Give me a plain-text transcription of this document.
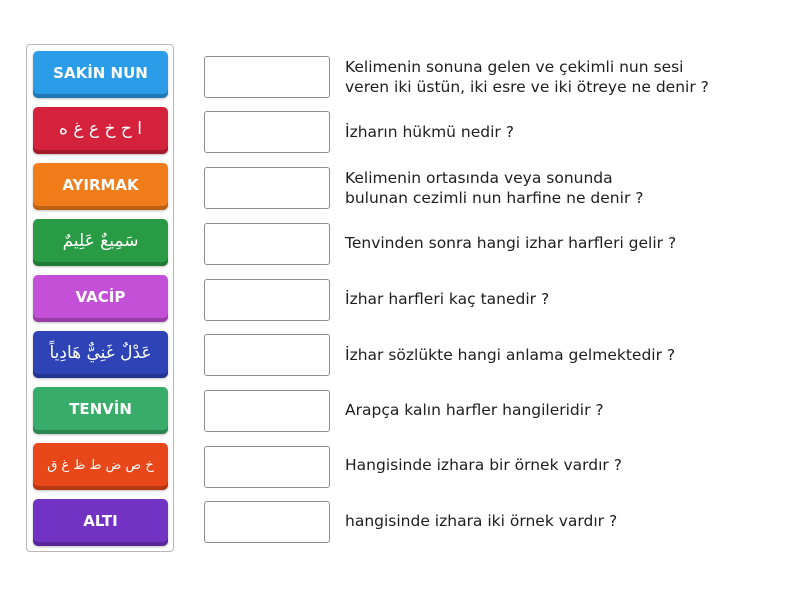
SAKİN NUN
ا ح خ ع غ ه
AYIRMAK
سَمِيعٌ عَلِيمٌ
VACİP
عَدْلٌ غَنِيٌّ هَادِياً
TENVİN
خ ص ض ط ظ غ ق
ALTI
Kelimenin sonuna gelen ve çekimli nun sesi
veren iki üstün, iki esre ve iki ötreye ne denir ?
İzharın hükmü nedir ?
Kelimenin ortasında veya sonunda
bulunan cezimli nun harfine ne denir ?
Tenvinden sonra hangi izhar harfleri gelir ?
İzhar harfleri kaç tanedir ?
İzhar sözlükte hangi anlama gelmektedir ?
Arapça kalın harfler hangileridir ?
Hangisinde izhara bir örnek vardır ?
hangisinde izhara iki örnek vardır ?
